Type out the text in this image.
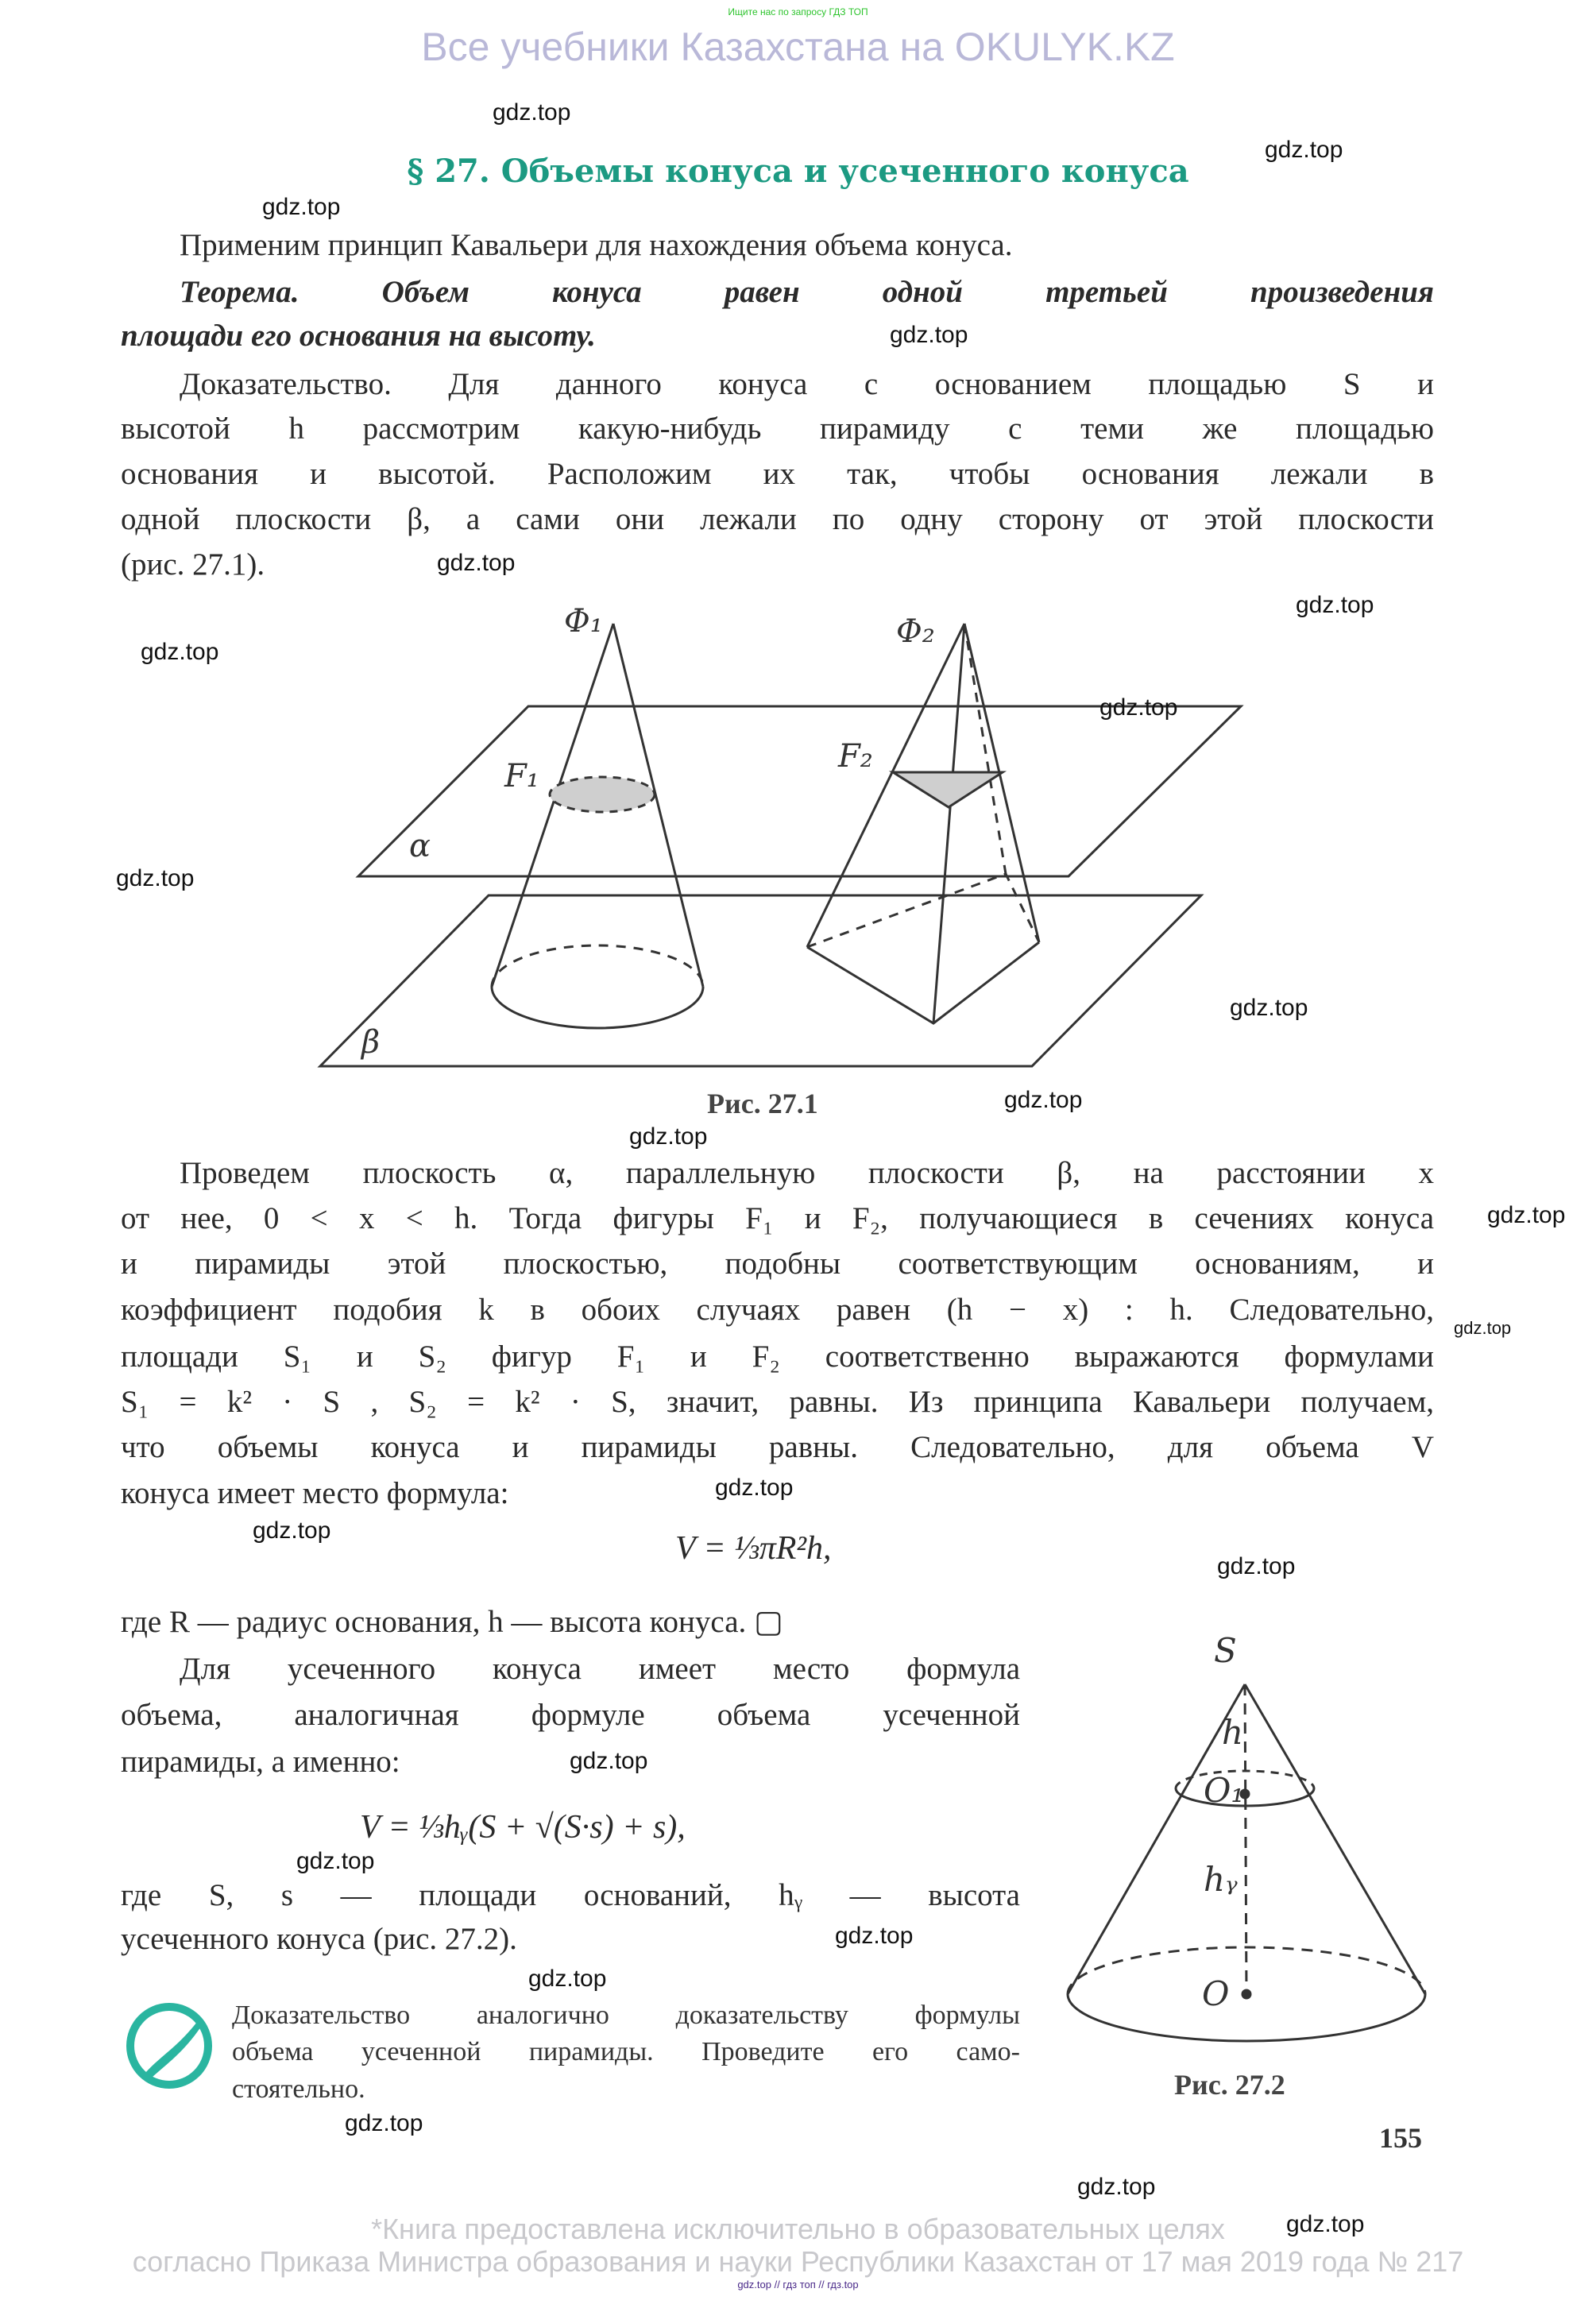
Ищите нас по запросу ГДЗ ТОП
Все учебники Казахстана на OKULYK.KZ
§ 27. Объемы конуса и усеченного конуса
Применим принцип Кавальери для нахождения объема конуса.
Теорема. Объем конуса равен одной третьей произведения
площади его основания на высоту.
Доказательство. Для данного конуса с основанием площадью S и
высотой h рассмотрим какую-нибудь пирамиду с теми же площадью
основания и высотой. Расположим их так, чтобы основания лежали в
одной плоскости β, а сами они лежали по одну сторону от этой плоскости
(рис. 27.1).
Φ₁	Φ₂
F₁
F₂
α
β
S
h
O₁
hᵧ
O
Рис. 27.1
Проведем плоскость α, параллельную плоскости β, на расстоянии x
от нее, 0 < x < h. Тогда фигуры F₁ и F₂, получающиеся в сечениях конуса
и пирамиды этой плоскостью, подобны соответствующим основаниям, и
коэффициент подобия k в обоих случаях равен (h − x) : h. Следовательно,
площади S₁ и S₂ фигур F₁ и F₂ соответственно выражаются формулами
S₁ = k² · S , S₂ = k² · S, значит, равны. Из принципа Кавальери получаем,
что объемы конуса и пирамиды равны. Следовательно, для объема V
конуса имеет место формула:
V = ⅓πR²h,
где R — радиус основания, h — высота конуса. ▢
Для усеченного конуса имеет место формула
объема, аналогичная формуле объема усеченной
пирамиды, а именно:
V = ⅓hᵧ(S + √(S·s) + s),
где S, s — площади оснований, hᵧ — высота
усеченного конуса (рис. 27.2).
Доказательство аналогично доказательству формулы
объема усеченной пирамиды. Проведите его само-
стоятельно.	Рис. 27.2
155
*Книга предоставлена исключительно в образовательных целях
согласно Приказа Министра образования и науки Республики Казахстан от 17 мая 2019 года № 217
gdz.top // гдз топ // гдз.top
gdz.top
gdz.top
gdz.top
gdz.top
gdz.top
gdz.top
gdz.top
gdz.top
gdz.top
gdz.top
gdz.top
gdz.top
gdz.top
gdz.top
gdz.top
gdz.top
gdz.top
gdz.top
gdz.top
gdz.top
gdz.top
gdz.top
gdz.top
gdz.top
